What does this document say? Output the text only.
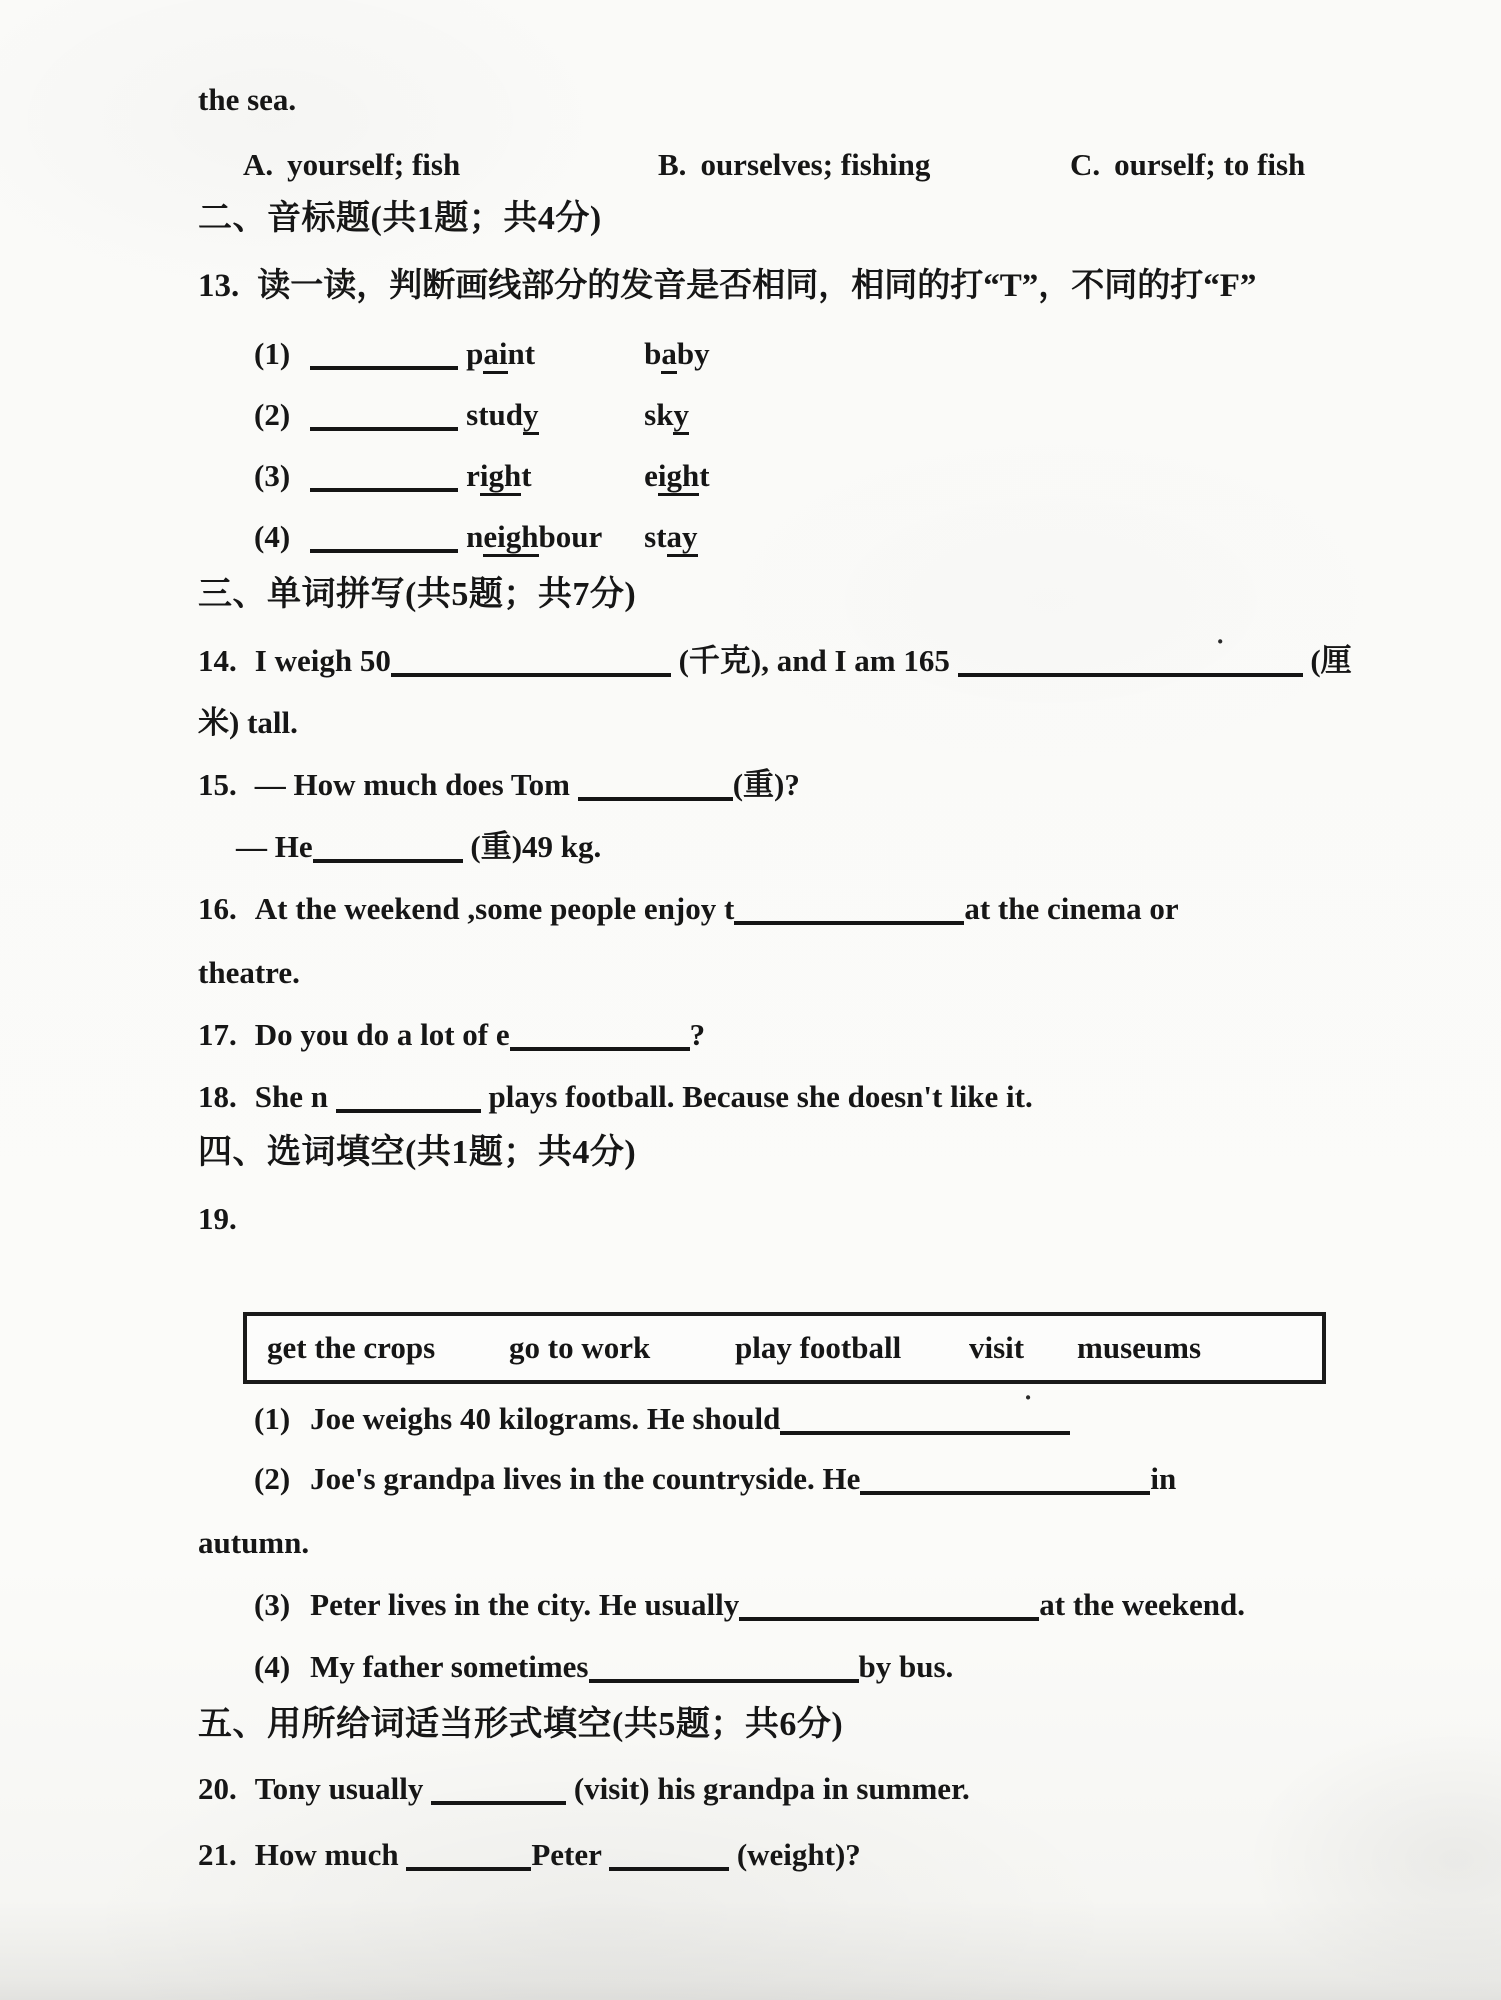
the sea.
A. yourself; fish	B. ourselves; fishing	C. ourself; to fish
二、音标题(共1题；共4分)
13. 读一读，判断画线部分的发音是否相同，相同的打“T”，不同的打“F”
(1)	paint	baby
(2)	study	sky
(3)	right	eight
(4)	neighbour stay
三、单词拼写(共5题；共7分)
14. I weigh 50	(千克), and I am 165
·
(厘
米) tall.
15. — How much does Tom	(重)?
— He	(重)49 kg.
16. At the weekend ,some people enjoy t	at the cinema or
theatre.
17. Do you do a lot of e	?
18. She n	plays football. Because she doesn't like it.
四、选词填空(共1题；共4分)
19.
get the crops go to work	play football visit museums
(1) Joe weighs 40 kilograms. He should
·
(2) Joe's grandpa lives in the countryside. He	in
autumn.
(3) Peter lives in the city. He usually	at the weekend.
(4) My father sometimes	by bus.
五、用所给词适当形式填空(共5题；共6分)
20. Tony usually	(visit) his grandpa in summer.
21. How much	Peter	(weight)?
